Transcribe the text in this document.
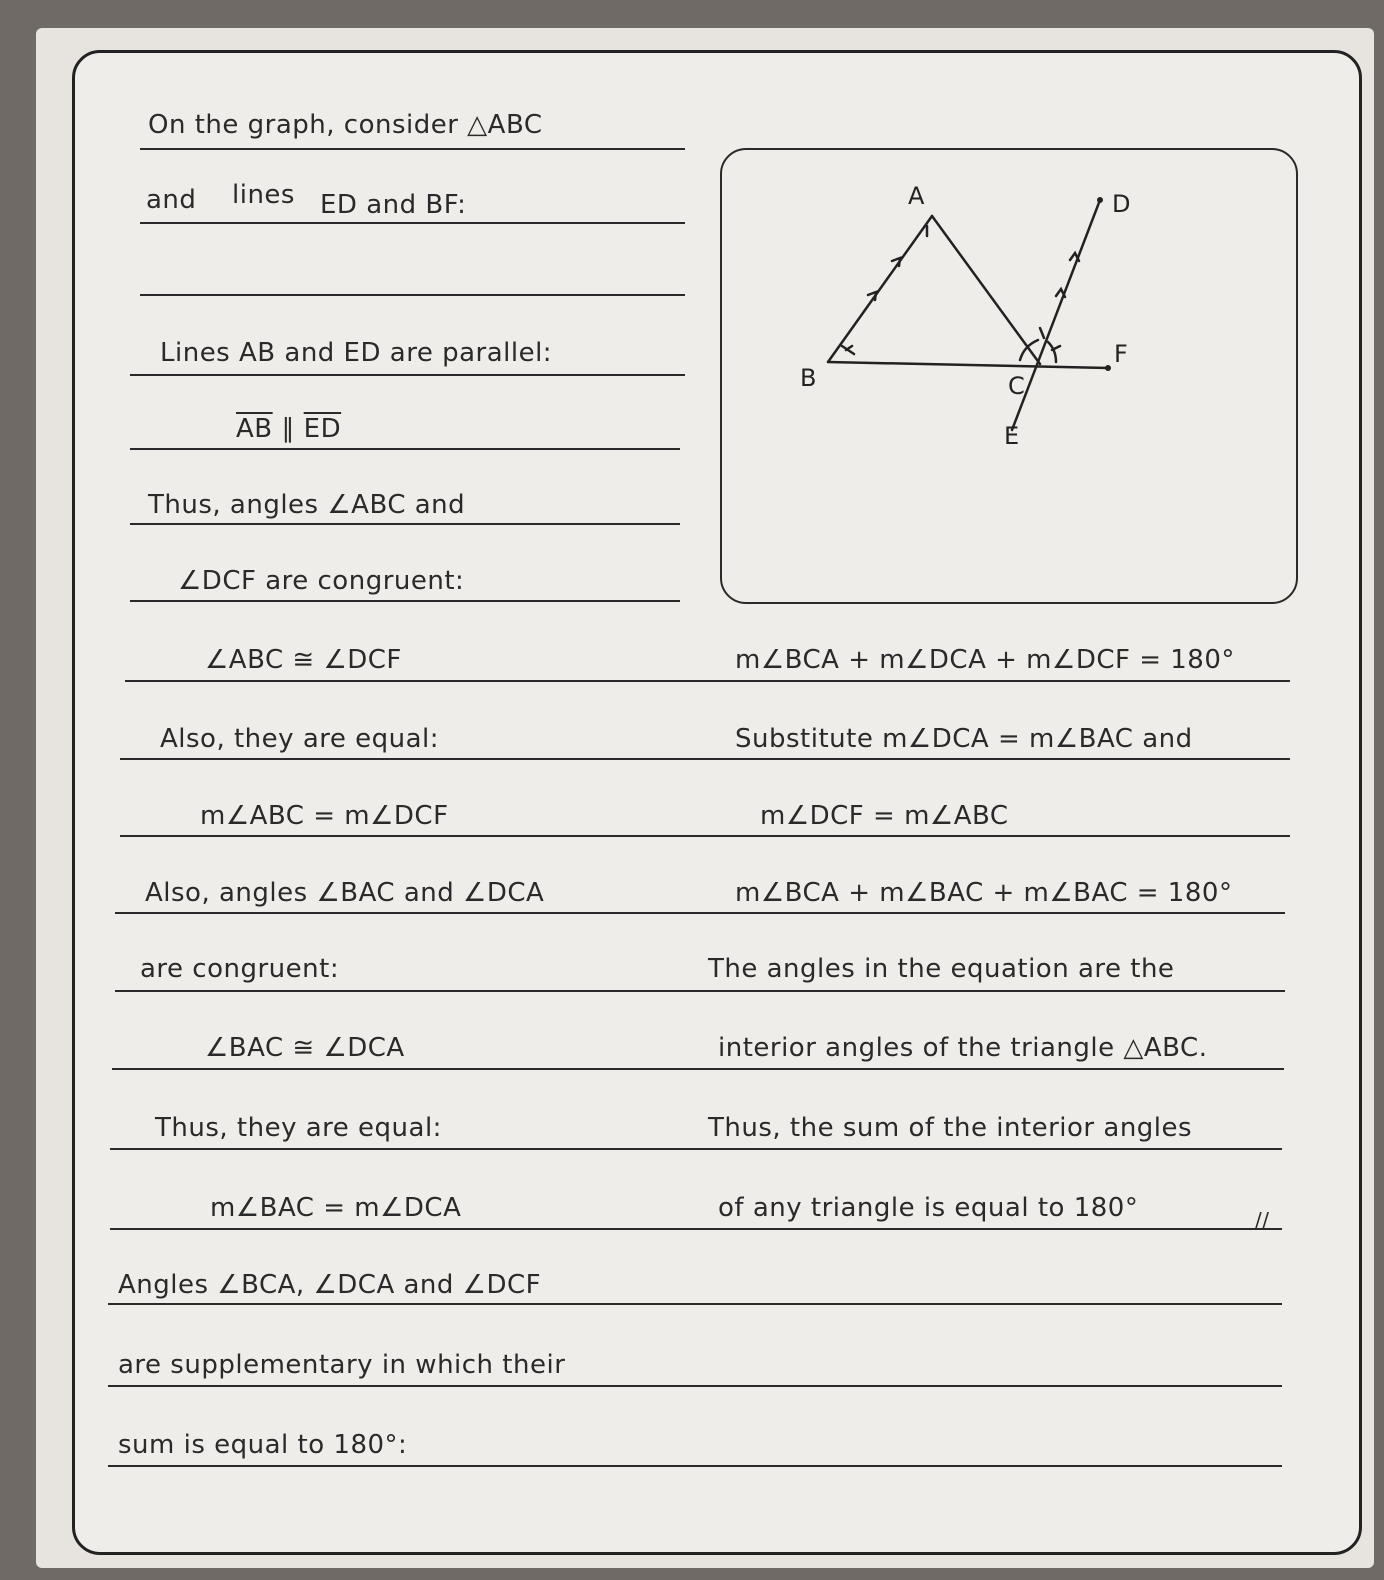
On the graph, consider △ABC
and lines ED and BF:
Lines AB and ED are parallel:
$\overline{AB}$ ∥ $\overline{ED}$
Thus, angles ∠ABC and
∠DCF are congruent:
∠ABC ≅ ∠DCF
Also, they are equal:
m∠ABC = m∠DCF
Also, angles ∠BAC and ∠DCA
are congruent:
∠BAC ≅ ∠DCA
Thus, they are equal:
m∠BAC = m∠DCA
m∠BCA + m∠DCA + m∠DCF = 180°
Substitute m∠DCA = m∠BAC and
m∠DCF = m∠ABC
m∠BCA + m∠BAC + m∠BAC = 180°
The angles in the equation are the
interior angles of the triangle △ABC.
Thus, the sum of the interior angles
of any triangle is equal to 180°	//
Angles ∠BCA, ∠DCA and ∠DCF
are supplementary in which their
sum is equal to 180°:
A
B	C
D
E
F
